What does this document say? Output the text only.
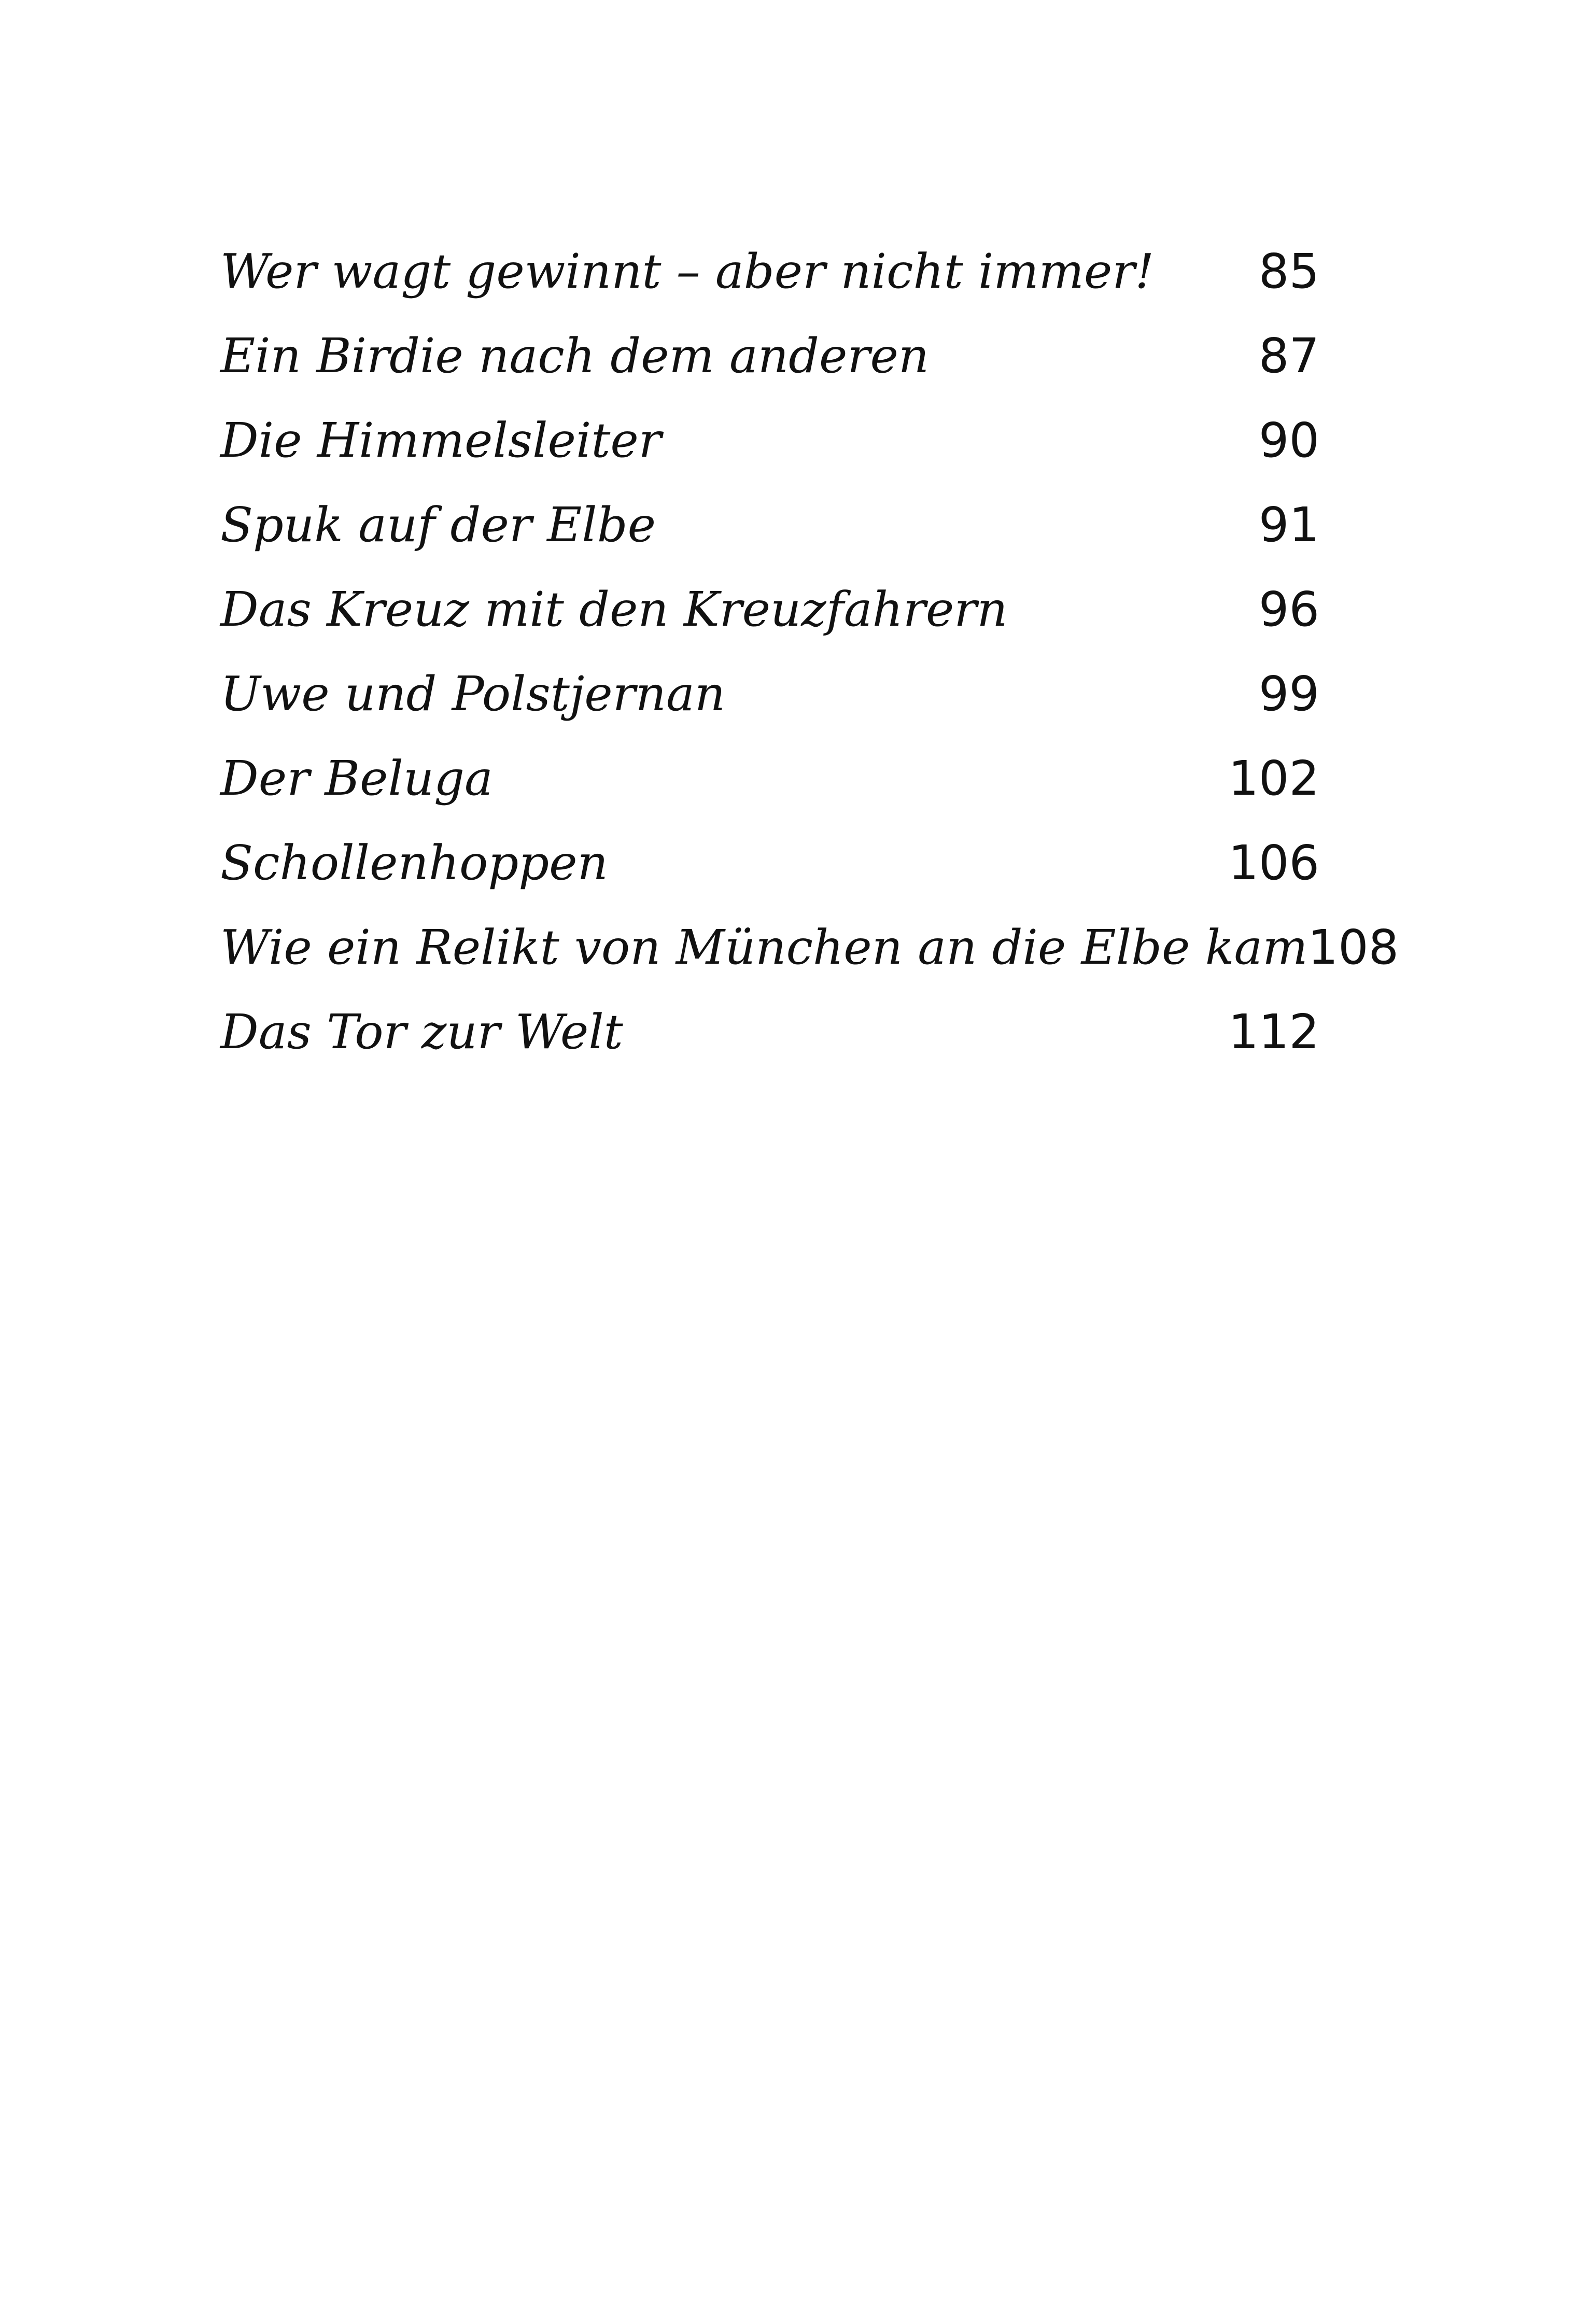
Wer wagt gewinnt – aber nicht immer! 85
Ein Birdie nach dem anderen	87
Die Himmelsleiter	90
Spuk auf der Elbe	91
Das Kreuz mit den Kreuzfahrern	96
Uwe und Polstjernan	99
Der Beluga	102
Schollenhoppen	106
Wie ein Relikt von München an die Elbe kam 108
Das Tor zur Welt	112
